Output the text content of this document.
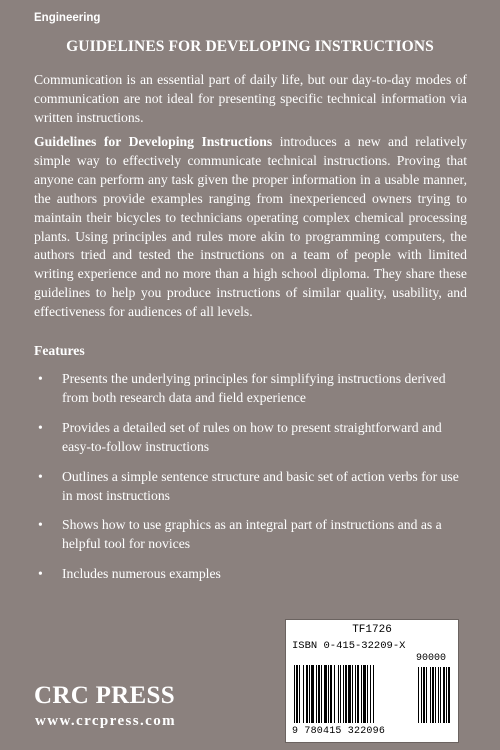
Engineering
GUIDELINES FOR DEVELOPING INSTRUCTIONS

Communication is an essential part of daily life, but our day-to-day modes of communication are not ideal for presenting specific technical information via written instructions.

Guidelines for Developing Instructions introduces a new and relatively simple way to effectively communicate technical instructions. Proving that anyone can perform any task given the proper information in a usable manner, the authors provide examples ranging from inexperienced owners trying to maintain their bicycles to technicians operating complex chemical processing plants. Using principles and rules more akin to programming computers, the authors tried and tested the instructions on a team of people with limited writing experience and no more than a high school diploma. They share these guidelines to help you produce instructions of similar quality, usability, and effectiveness for audiences of all levels.

Features
• Presents the underlying principles for simplifying instructions derived from both research data and field experience
• Provides a detailed set of rules on how to present straightforward and easy-to-follow instructions
• Outlines a simple sentence structure and basic set of action verbs for use in most instructions
• Shows how to use graphics as an integral part of instructions and as a helpful tool for novices
• Includes numerous examples
CRC PRESS
www.crcpress.com
TF1726
ISBN 0-415-32209-X
90000
9 780415 322096
